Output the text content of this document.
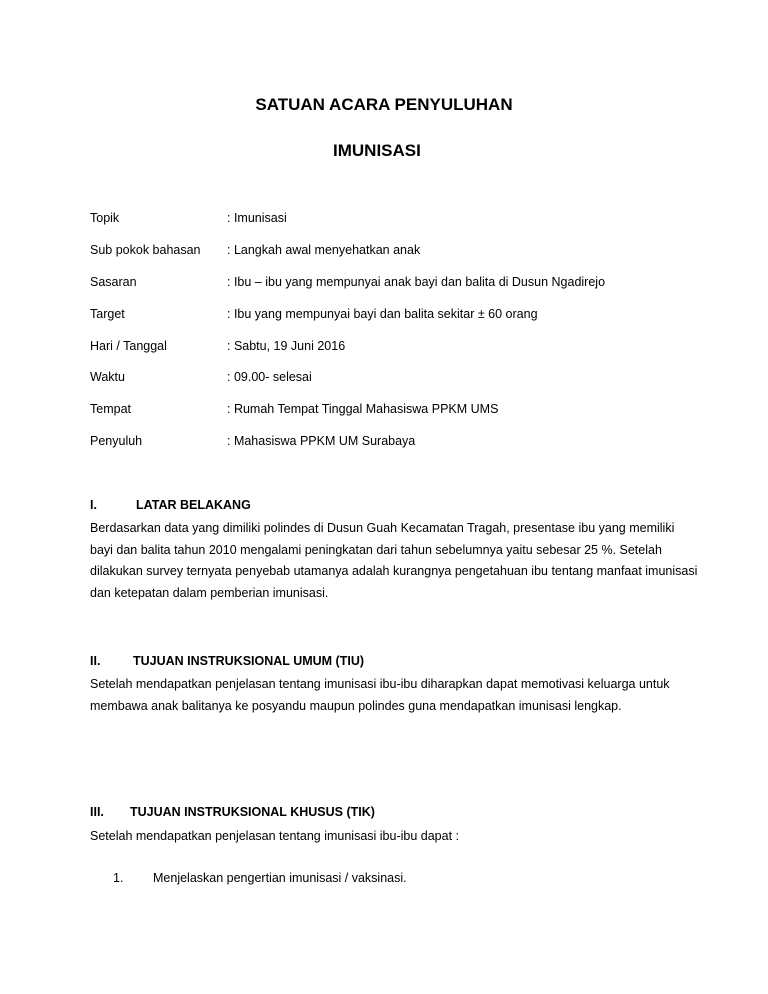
SATUAN ACARA PENYULUHAN
IMUNISASI
Topik	: Imunisasi
Sub pokok bahasan : Langkah awal menyehatkan anak
Sasaran	: Ibu – ibu yang mempunyai anak bayi dan balita di Dusun Ngadirejo
Target	: Ibu yang mempunyai bayi dan balita sekitar ± 60 orang
Hari / Tanggal	: Sabtu, 19 Juni 2016
Waktu	: 09.00- selesai
Tempat	: Rumah Tempat Tinggal Mahasiswa PPKM UMS
Penyuluh	: Mahasiswa PPKM UM Surabaya
I.	LATAR BELAKANG

Berdasarkan data yang dimiliki polindes di Dusun Guah Kecamatan Tragah, presentase ibu yang memiliki bayi dan balita tahun 2010 mengalami peningkatan dari tahun sebelumnya yaitu sebesar 25 %. Setelah dilakukan survey ternyata penyebab utamanya adalah kurangnya pengetahuan ibu tentang manfaat imunisasi dan ketepatan dalam pemberian imunisasi.

II.	TUJUAN INSTRUKSIONAL UMUM (TIU)

Setelah mendapatkan penjelasan tentang imunisasi ibu-ibu diharapkan dapat memotivasi keluarga untuk membawa anak balitanya ke posyandu maupun polindes guna mendapatkan imunisasi lengkap.

III. TUJUAN INSTRUKSIONAL KHUSUS (TIK)

Setelah mendapatkan penjelasan tentang imunisasi ibu-ibu dapat :

1. Menjelaskan pengertian imunisasi / vaksinasi.
